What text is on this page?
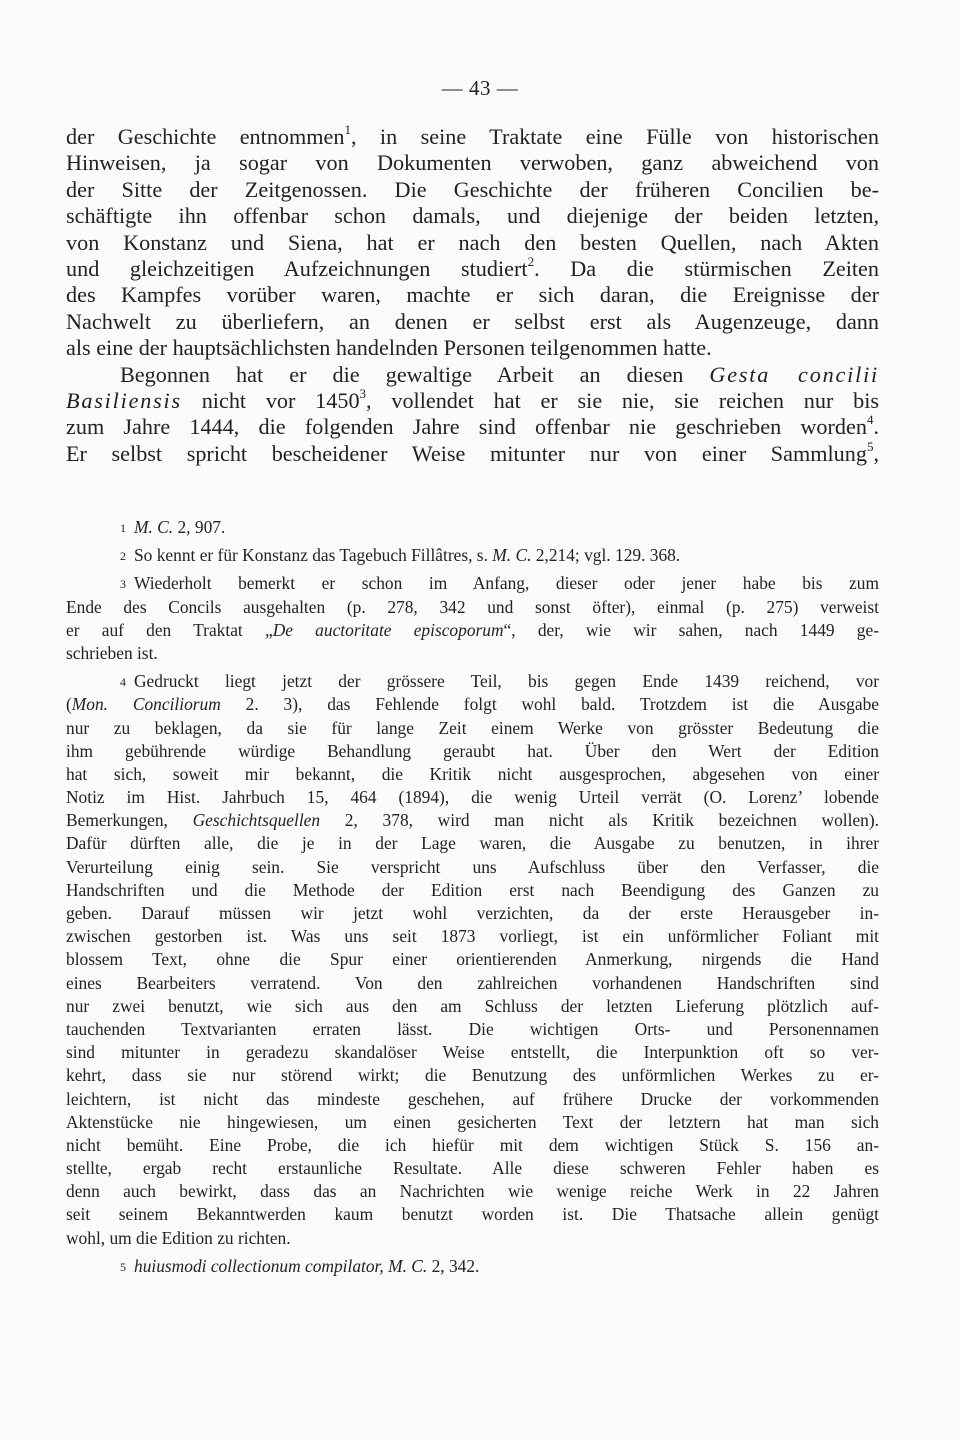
— 43 —
der Geschichte entnommen$^1$, in seine Traktate eine Fülle von historischen
Hinweisen, ja sogar von Dokumenten verwoben, ganz abweichend von
der Sitte der Zeitgenossen. Die Geschichte der früheren Concilien be-
schäftigte ihn offenbar schon damals, und diejenige der beiden letzten,
von Konstanz und Siena, hat er nach den besten Quellen, nach Akten
und gleichzeitigen Aufzeichnungen studiert$^2$. Da die stürmischen Zeiten
des Kampfes vorüber waren, machte er sich daran, die Ereignisse der
Nachwelt zu überliefern, an denen er selbst erst als Augenzeuge, dann
als eine der hauptsächlichsten handelnden Personen teilgenommen hatte.
Begonnen hat er die gewaltige Arbeit an diesen Gesta concilii
Basiliensis nicht vor 1450$^3$, vollendet hat er sie nie, sie reichen nur bis
zum Jahre 1444, die folgenden Jahre sind offenbar nie geschrieben worden$^4$.
Er selbst spricht bescheidener Weise mitunter nur von einer Sammlung$^5$,
$^1$ M. C. 2, 907.
$^2$ So kennt er für Konstanz das Tagebuch Fillâtres, s. M. C. 2,214; vgl. 129. 368.
$^3$ Wiederholt bemerkt er schon im Anfang, dieser oder jener habe bis zum
Ende des Concils ausgehalten (p. 278, 342 und sonst öfter), einmal (p. 275) verweist
er auf den Traktat „De auctoritate episcoporum“, der, wie wir sahen, nach 1449 ge-
schrieben ist.
$^4$ Gedruckt liegt jetzt der grössere Teil, bis gegen Ende 1439 reichend, vor
(Mon. Conciliorum 2. 3), das Fehlende folgt wohl bald. Trotzdem ist die Ausgabe
nur zu beklagen, da sie für lange Zeit einem Werke von grösster Bedeutung die
ihm gebührende würdige Behandlung geraubt hat. Über den Wert der Edition
hat sich, soweit mir bekannt, die Kritik nicht ausgesprochen, abgesehen von einer
Notiz im Hist. Jahrbuch 15, 464 (1894), die wenig Urteil verrät (O. Lorenz’ lobende
Bemerkungen, Geschichtsquellen 2, 378, wird man nicht als Kritik bezeichnen wollen).
Dafür dürften alle, die je in der Lage waren, die Ausgabe zu benutzen, in ihrer
Verurteilung einig sein. Sie verspricht uns Aufschluss über den Verfasser, die
Handschriften und die Methode der Edition erst nach Beendigung des Ganzen zu
geben. Darauf müssen wir jetzt wohl verzichten, da der erste Herausgeber in-
zwischen gestorben ist. Was uns seit 1873 vorliegt, ist ein unförmlicher Foliant mit
blossem Text, ohne die Spur einer orientierenden Anmerkung, nirgends die Hand
eines Bearbeiters verratend. Von den zahlreichen vorhandenen Handschriften sind
nur zwei benutzt, wie sich aus den am Schluss der letzten Lieferung plötzlich auf-
tauchenden Textvarianten erraten lässt. Die wichtigen Orts- und Personennamen
sind mitunter in geradezu skandalöser Weise entstellt, die Interpunktion oft so ver-
kehrt, dass sie nur störend wirkt; die Benutzung des unförmlichen Werkes zu er-
leichtern, ist nicht das mindeste geschehen, auf frühere Drucke der vorkommenden
Aktenstücke nie hingewiesen, um einen gesicherten Text der letztern hat man sich
nicht bemüht. Eine Probe, die ich hiefür mit dem wichtigen Stück S. 156 an-
stellte, ergab recht erstaunliche Resultate. Alle diese schweren Fehler haben es
denn auch bewirkt, dass das an Nachrichten wie wenige reiche Werk in 22 Jahren
seit seinem Bekanntwerden kaum benutzt worden ist. Die Thatsache allein genügt
wohl, um die Edition zu richten.
$^5$ huiusmodi collectionum compilator, M. C. 2, 342.
